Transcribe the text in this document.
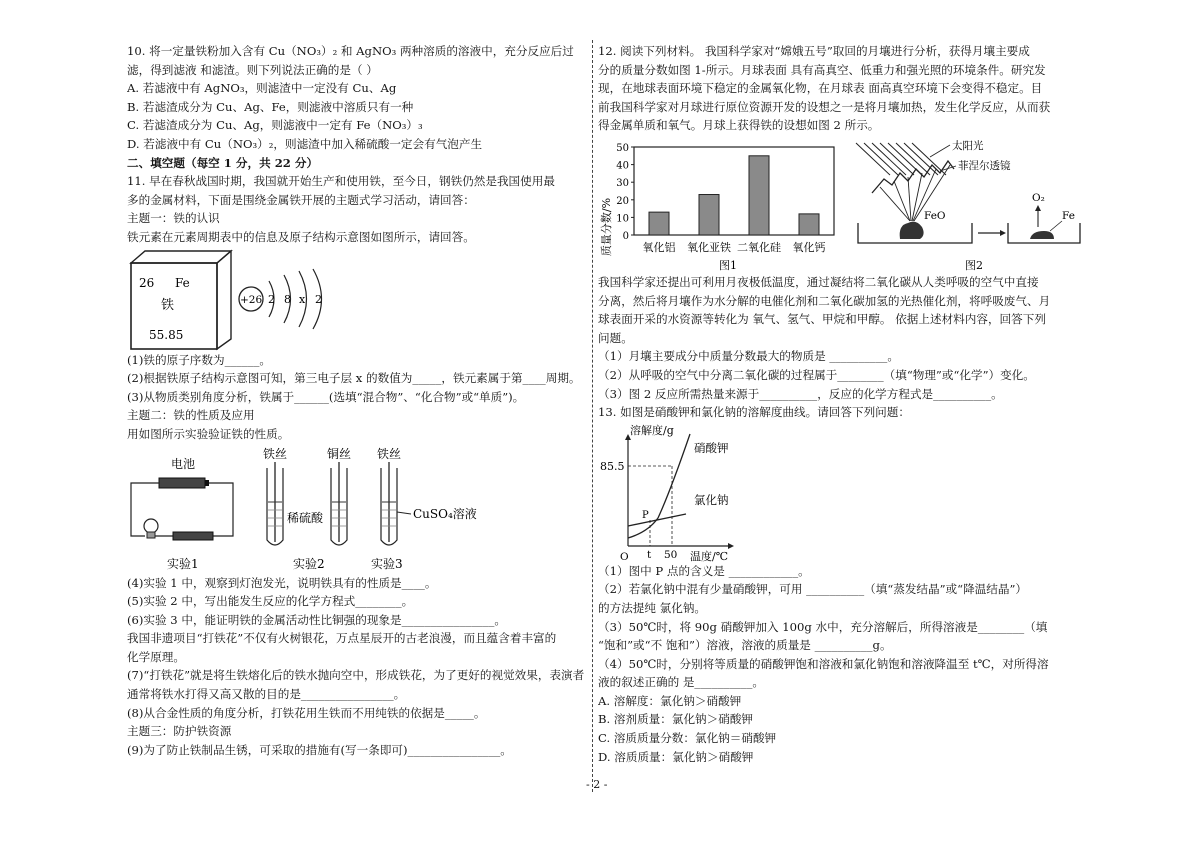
10. 将一定量铁粉加入含有 Cu（NO₃）₂ 和 AgNO₃ 两种溶质的溶液中，充分反应后过
滤，得到滤液 和滤渣。则下列说法正确的是（ ）
A. 若滤液中有 AgNO₃，则滤渣中一定没有 Cu、Ag
B. 若滤渣成分为 Cu、Ag、Fe，则滤液中溶质只有一种
C. 若滤渣成分为 Cu、Ag，则滤液中一定有 Fe（NO₃）₃
D. 若滤液中有 Cu（NO₃）₂，则滤渣中加入稀硫酸一定会有气泡产生
二、填空题（每空 1 分，共 22 分）
11. 早在春秋战国时期，我国就开始生产和使用铁，至今日，钢铁仍然是我国使用最
多的金属材料，下面是围绕金属铁开展的主题式学习活动，请回答：
主题一：铁的认识
铁元素在元素周期表中的信息及原子结构示意图如图所示，请回答。
26 Fe
铁
55.85
+26 2 8 x 2
(1)铁的原子序数为______。
(2)根据铁原子结构示意图可知，第三电子层 x 的数值为_____，铁元素属于第____周期。
(3)从物质类别角度分析，铁属于______(选填“混合物”、“化合物”或“单质”)。
主题二：铁的性质及应用
用如图所示实验验证铁的性质。
电池
实验1
铁丝	铜丝
稀硫酸
实验2
铁丝
CuSO₄溶液
实验3
(4)实验 1 中，观察到灯泡发光，说明铁具有的性质是____。
(5)实验 2 中，写出能发生反应的化学方程式________。
(6)实验 3 中，能证明铁的金属活动性比铜强的现象是________________。
我国非遗项目“打铁花”不仅有火树银花，万点星辰开的古老浪漫，而且蕴含着丰富的
化学原理。
(7)“打铁花”就是将生铁熔化后的铁水抛向空中，形成铁花，为了更好的视觉效果，表演者
通常将铁水打得又高又散的目的是________________。
(8)从合金性质的角度分析，打铁花用生铁而不用纯铁的依据是_____。
主题三：防护铁资源
(9)为了防止铁制品生锈，可采取的措施有(写一条即可)________________。
12. 阅读下列材料。 我国科学家对“嫦娥五号”取回的月壤进行分析，获得月壤主要成
分的质量分数如图 1-所示。月球表面 具有高真空、低重力和强光照的环境条件。研究发
现，在地球表面环境下稳定的金属氧化物，在月球表 面高真空环境下会变得不稳定。目
前我国科学家对月球进行原位资源开发的设想之一是将月壤加热，发生化学反应，从而获
得金属单质和氧气。月球上获得铁的设想如图 2 所示。
质量分数/% 0
10
20
30
40
50
氧化铝 氧化亚铁 二氧化硅 氧化钙
图1
太阳光
菲涅尔透镜
FeO
O₂
Fe
图2
我国科学家还提出可利用月夜极低温度，通过凝结将二氧化碳从人类呼吸的空气中直接
分离，然后将月壤作为水分解的电催化剂和二氧化碳加氢的光热催化剂，将呼吸废气、月
球表面开采的水资源等转化为 氧气、氢气、甲烷和甲醇。 依据上述材料内容，回答下列
问题。
（1）月壤主要成分中质量分数最大的物质是 __________。
（2）从呼吸的空气中分离二氧化碳的过程属于________（填“物理”或“化学”）变化。
（3）图 2 反应所需热量来源于__________，反应的化学方程式是__________。
13. 如图是硝酸钾和氯化钠的溶解度曲线。请回答下列问题：
溶解度/g
85.5
硝酸钾
氯化钠
P
O t 50 温度/℃
（1）图中 P 点的含义是 ____________。
（2）若氯化钠中混有少量硝酸钾，可用 __________（填“蒸发结晶”或“降温结晶”）
的方法提纯 氯化钠。
（3）50℃时，将 90g 硝酸钾加入 100g 水中，充分溶解后，所得溶液是________（填
“饱和”或“不 饱和”）溶液，溶液的质量是 __________g。
（4）50℃时，分别将等质量的硝酸钾饱和溶液和氯化钠饱和溶液降温至 t℃，对所得溶
液的叙述正确的 是__________。
A. 溶解度：氯化钠＞硝酸钾
B. 溶剂质量：氯化钠＞硝酸钾
C. 溶质质量分数：氯化钠＝硝酸钾
D. 溶质质量：氯化钠＞硝酸钾
- 2 -
